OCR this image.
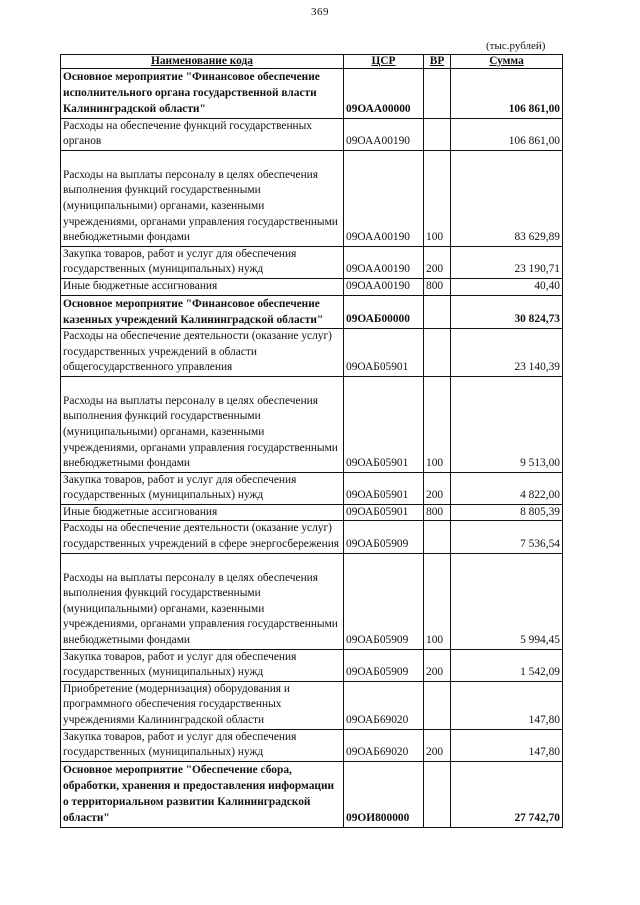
369
(тыс.рублей)
Наименование кода	ЦСР	ВР	Сумма
Основное мероприятие "Финансовое обеспечение исполнительного органа государственной власти Калининградской области"	09ОАА00000		106 861,00
Расходы на обеспечение функций государственных органов	09ОАА00190		106 861,00
Расходы на выплаты персоналу в целях обеспечения выполнения функций государственными (муниципальными) органами, казенными учреждениями, органами управления государственными внебюджетными фондами	09ОАА00190	100	83 629,89
Закупка товаров, работ и услуг для обеспечения государственных (муниципальных) нужд	09ОАА00190	200	23 190,71
Иные бюджетные ассигнования	09ОАА00190	800	40,40
Основное мероприятие "Финансовое обеспечение казенных учреждений Калининградской области"	09ОАБ00000		30 824,73
Расходы на обеспечение деятельности (оказание услуг) государственных учреждений в области общегосударственного управления	09ОАБ05901		23 140,39
Расходы на выплаты персоналу в целях обеспечения выполнения функций государственными (муниципальными) органами, казенными учреждениями, органами управления государственными внебюджетными фондами	09ОАБ05901	100	9 513,00
Закупка товаров, работ и услуг для обеспечения государственных (муниципальных) нужд	09ОАБ05901	200	4 822,00
Иные бюджетные ассигнования	09ОАБ05901	800	8 805,39
Расходы на обеспечение деятельности (оказание услуг) государственных учреждений в сфере энергосбережения	09ОАБ05909		7 536,54
Расходы на выплаты персоналу в целях обеспечения выполнения функций государственными (муниципальными) органами, казенными учреждениями, органами управления государственными внебюджетными фондами	09ОАБ05909	100	5 994,45
Закупка товаров, работ и услуг для обеспечения государственных (муниципальных) нужд	09ОАБ05909	200	1 542,09
Приобретение (модернизация) оборудования и программного обеспечения государственных учреждениями Калининградской области	09ОАБ69020		147,80
Закупка товаров, работ и услуг для обеспечения государственных (муниципальных) нужд	09ОАБ69020	200	147,80
Основное мероприятие "Обеспечение сбора, обработки, хранения и предоставления информации о территориальном развитии Калининградской области"	09ОИ800000		27 742,70
